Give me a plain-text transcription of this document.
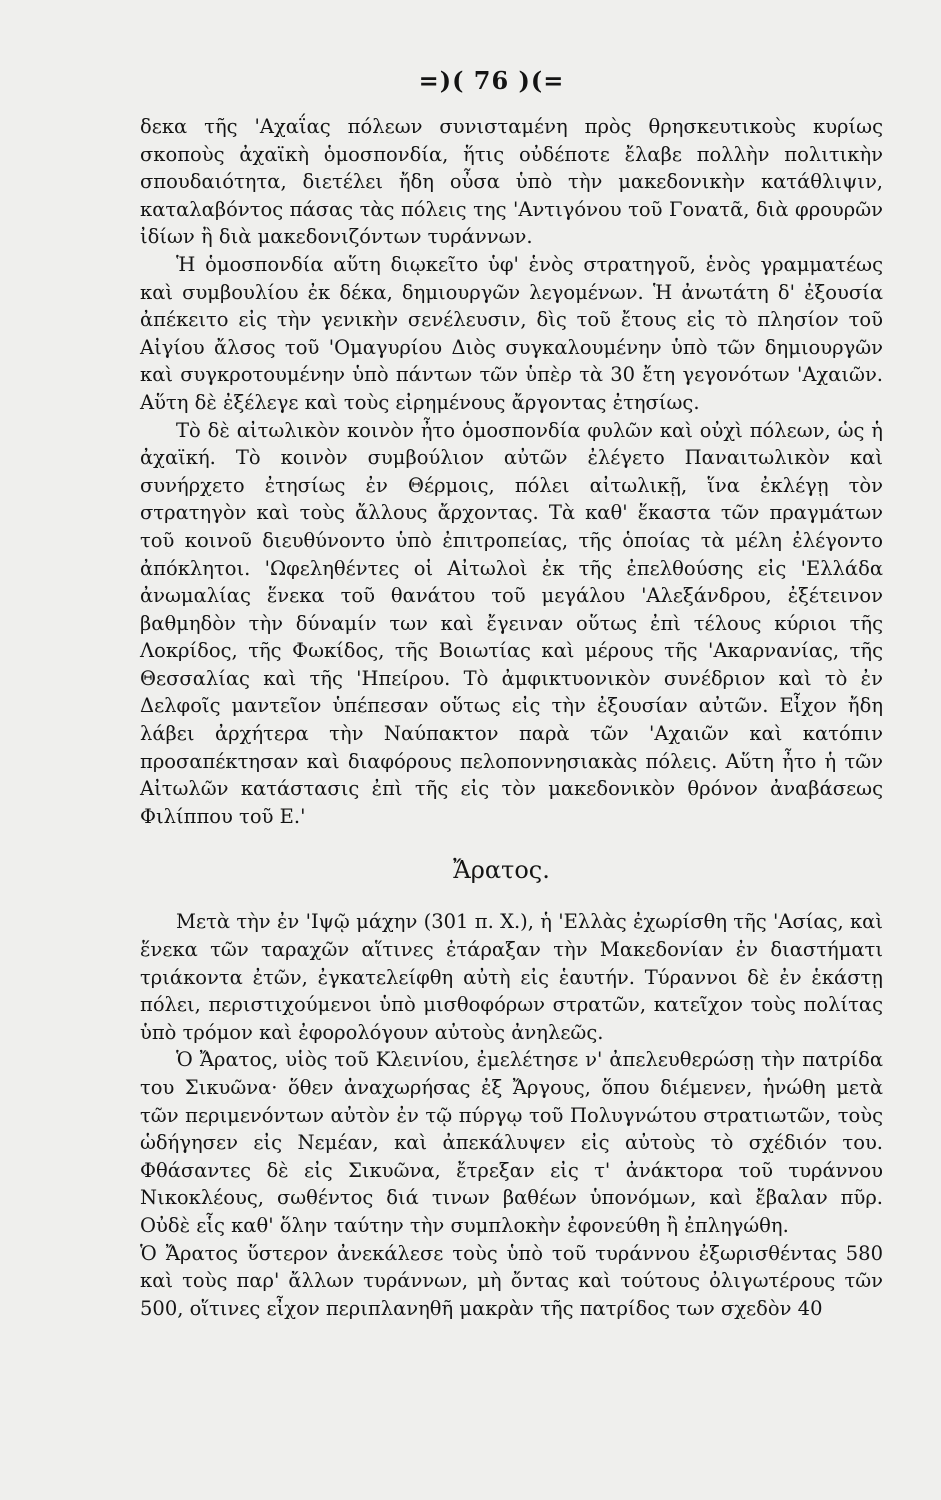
=)( 76 )(=

δεκα τῆς 'Αχαΐας πόλεων συνισταμένη πρὸς θρησκευτικοὺς κυρίως σκοποὺς ἀχαϊκὴ ὁμοσπονδία, ἥτις οὐδέποτε ἔλαβε πολλὴν πολιτικὴν σπουδαιότητα, διετέλει ἤδη οὖσα ὑπὸ τὴν μακεδονικὴν κατάθλιψιν, καταλαβόντος πάσας τὰς πόλεις της 'Αντιγόνου τοῦ Γονατᾶ, διὰ φρουρῶν ἰδίων ἢ διὰ μακεδονιζόντων τυράννων.

Ἡ ὁμοσπονδία αὕτη διῳκεῖτο ὑφ' ἑνὸς στρατηγοῦ, ἑνὸς γραμματέως καὶ συμβουλίου ἐκ δέκα, δημιουργῶν λεγομένων. Ἡ ἀνωτάτη δ' ἐξουσία ἀπέκειτο εἰς τὴν γενικὴν σενέλευσιν, δὶς τοῦ ἔτους εἰς τὸ πλησίον τοῦ Αἰγίου ἄλσος τοῦ 'Ομαγυρίου Διὸς συγκαλουμένην ὑπὸ τῶν δημιουργῶν καὶ συγκροτουμένην ὑπὸ πάντων τῶν ὑπὲρ τὰ 30 ἔτη γεγονότων 'Αχαιῶν. Αὕτη δὲ ἐξέλεγε καὶ τοὺς εἰρημένους ἄργοντας ἐτησίως.

Τὸ δὲ αἰτωλικὸν κοινὸν ἦτο ὁμοσπονδία φυλῶν καὶ οὐχὶ πόλεων, ὡς ἡ ἀχαϊκή. Τὸ κοινὸν συμβούλιον αὐτῶν ἐλέγετο Παναιτωλικὸν καὶ συνήρχετο ἐτησίως ἐν Θέρμοις, πόλει αἰτωλικῇ, ἵνα ἐκλέγῃ τὸν στρατηγὸν καὶ τοὺς ἄλλους ἄρχοντας. Τὰ καθ' ἕκαστα τῶν πραγμάτων τοῦ κοινοῦ διευθύνοντο ὑπὸ ἐπιτροπείας, τῆς ὁποίας τὰ μέλη ἐλέγοντο ἀπόκλητοι. 'Ωφεληθέντες οἱ Αἰτωλοὶ ἐκ τῆς ἐπελθούσης εἰς 'Ελλάδα ἀνωμαλίας ἕνεκα τοῦ θανάτου τοῦ μεγάλου 'Αλεξάνδρου, ἐξέτεινον βαθμηδὸν τὴν δύναμίν των καὶ ἔγειναν οὕτως ἐπὶ τέλους κύριοι τῆς Λοκρίδος, τῆς Φωκίδος, τῆς Βοιωτίας καὶ μέρους τῆς 'Ακαρνανίας, τῆς Θεσσαλίας καὶ τῆς 'Ηπείρου. Τὸ ἀμφικτυονικὸν συνέδριον καὶ τὸ ἐν Δελφοῖς μαντεῖον ὑπέπεσαν οὕτως εἰς τὴν ἐξουσίαν αὐτῶν. Εἶχον ἤδη λάβει ἀρχήτερα τὴν Ναύπακτον παρὰ τῶν 'Αχαιῶν καὶ κατόπιν προσαπέκτησαν καὶ διαφόρους πελοποννησιακὰς πόλεις. Αὕτη ἦτο ἡ τῶν Αἰτωλῶν κατάστασις ἐπὶ τῆς εἰς τὸν μακεδονικὸν θρόνον ἀναβάσεως Φιλίππου τοῦ Ε.'

Ἄρατος.

Μετὰ τὴν ἐν 'Ιψῷ μάχην (301 π. Χ.), ἡ 'Ελλὰς ἐχωρίσθη τῆς 'Ασίας, καὶ ἕνεκα τῶν ταραχῶν αἵτινες ἐτάραξαν τὴν Μακεδονίαν ἐν διαστήματι τριάκοντα ἐτῶν, ἐγκατελείφθη αὐτὴ εἰς ἑαυτήν. Τύραννοι δὲ ἐν ἑκάστῃ πόλει, περιστιχούμενοι ὑπὸ μισθοφόρων στρατῶν, κατεῖχον τοὺς πολίτας ὑπὸ τρόμον καὶ ἐφορολόγουν αὐτοὺς ἀνηλεῶς.

Ὁ Ἄρατος, υἱὸς τοῦ Κλεινίου, ἐμελέτησε ν' ἀπελευθερώσῃ τὴν πατρίδα του Σικυῶνα· ὅθεν ἀναχωρήσας ἐξ Ἄργους, ὅπου διέμενεν, ἡνώθη μετὰ τῶν περιμενόντων αὐτὸν ἐν τῷ πύργῳ τοῦ Πολυγνώτου στρατιωτῶν, τοὺς ὡδήγησεν εἰς Νεμέαν, καὶ ἀπεκάλυψεν εἰς αὐτοὺς τὸ σχέδιόν του. Φθάσαντες δὲ εἰς Σικυῶνα, ἔτρεξαν εἰς τ' ἀνάκτορα τοῦ τυράννου Νικοκλέους, σωθέντος διά τινων βαθέων ὑπονόμων, καὶ ἔβαλαν πῦρ. Οὐδὲ εἷς καθ' ὅλην ταύτην τὴν συμπλοκὴν ἐφονεύθη ἢ ἐπληγώθη.

Ὁ Ἄρατος ὕστερον ἀνεκάλεσε τοὺς ὑπὸ τοῦ τυράννου ἐξωρισθέντας 580 καὶ τοὺς παρ' ἄλλων τυράννων, μὴ ὄντας καὶ τούτους ὀλιγωτέρους τῶν 500, οἵτινες εἶχον περιπλανηθῆ μακρὰν τῆς πατρίδος των σχεδὸν 40
